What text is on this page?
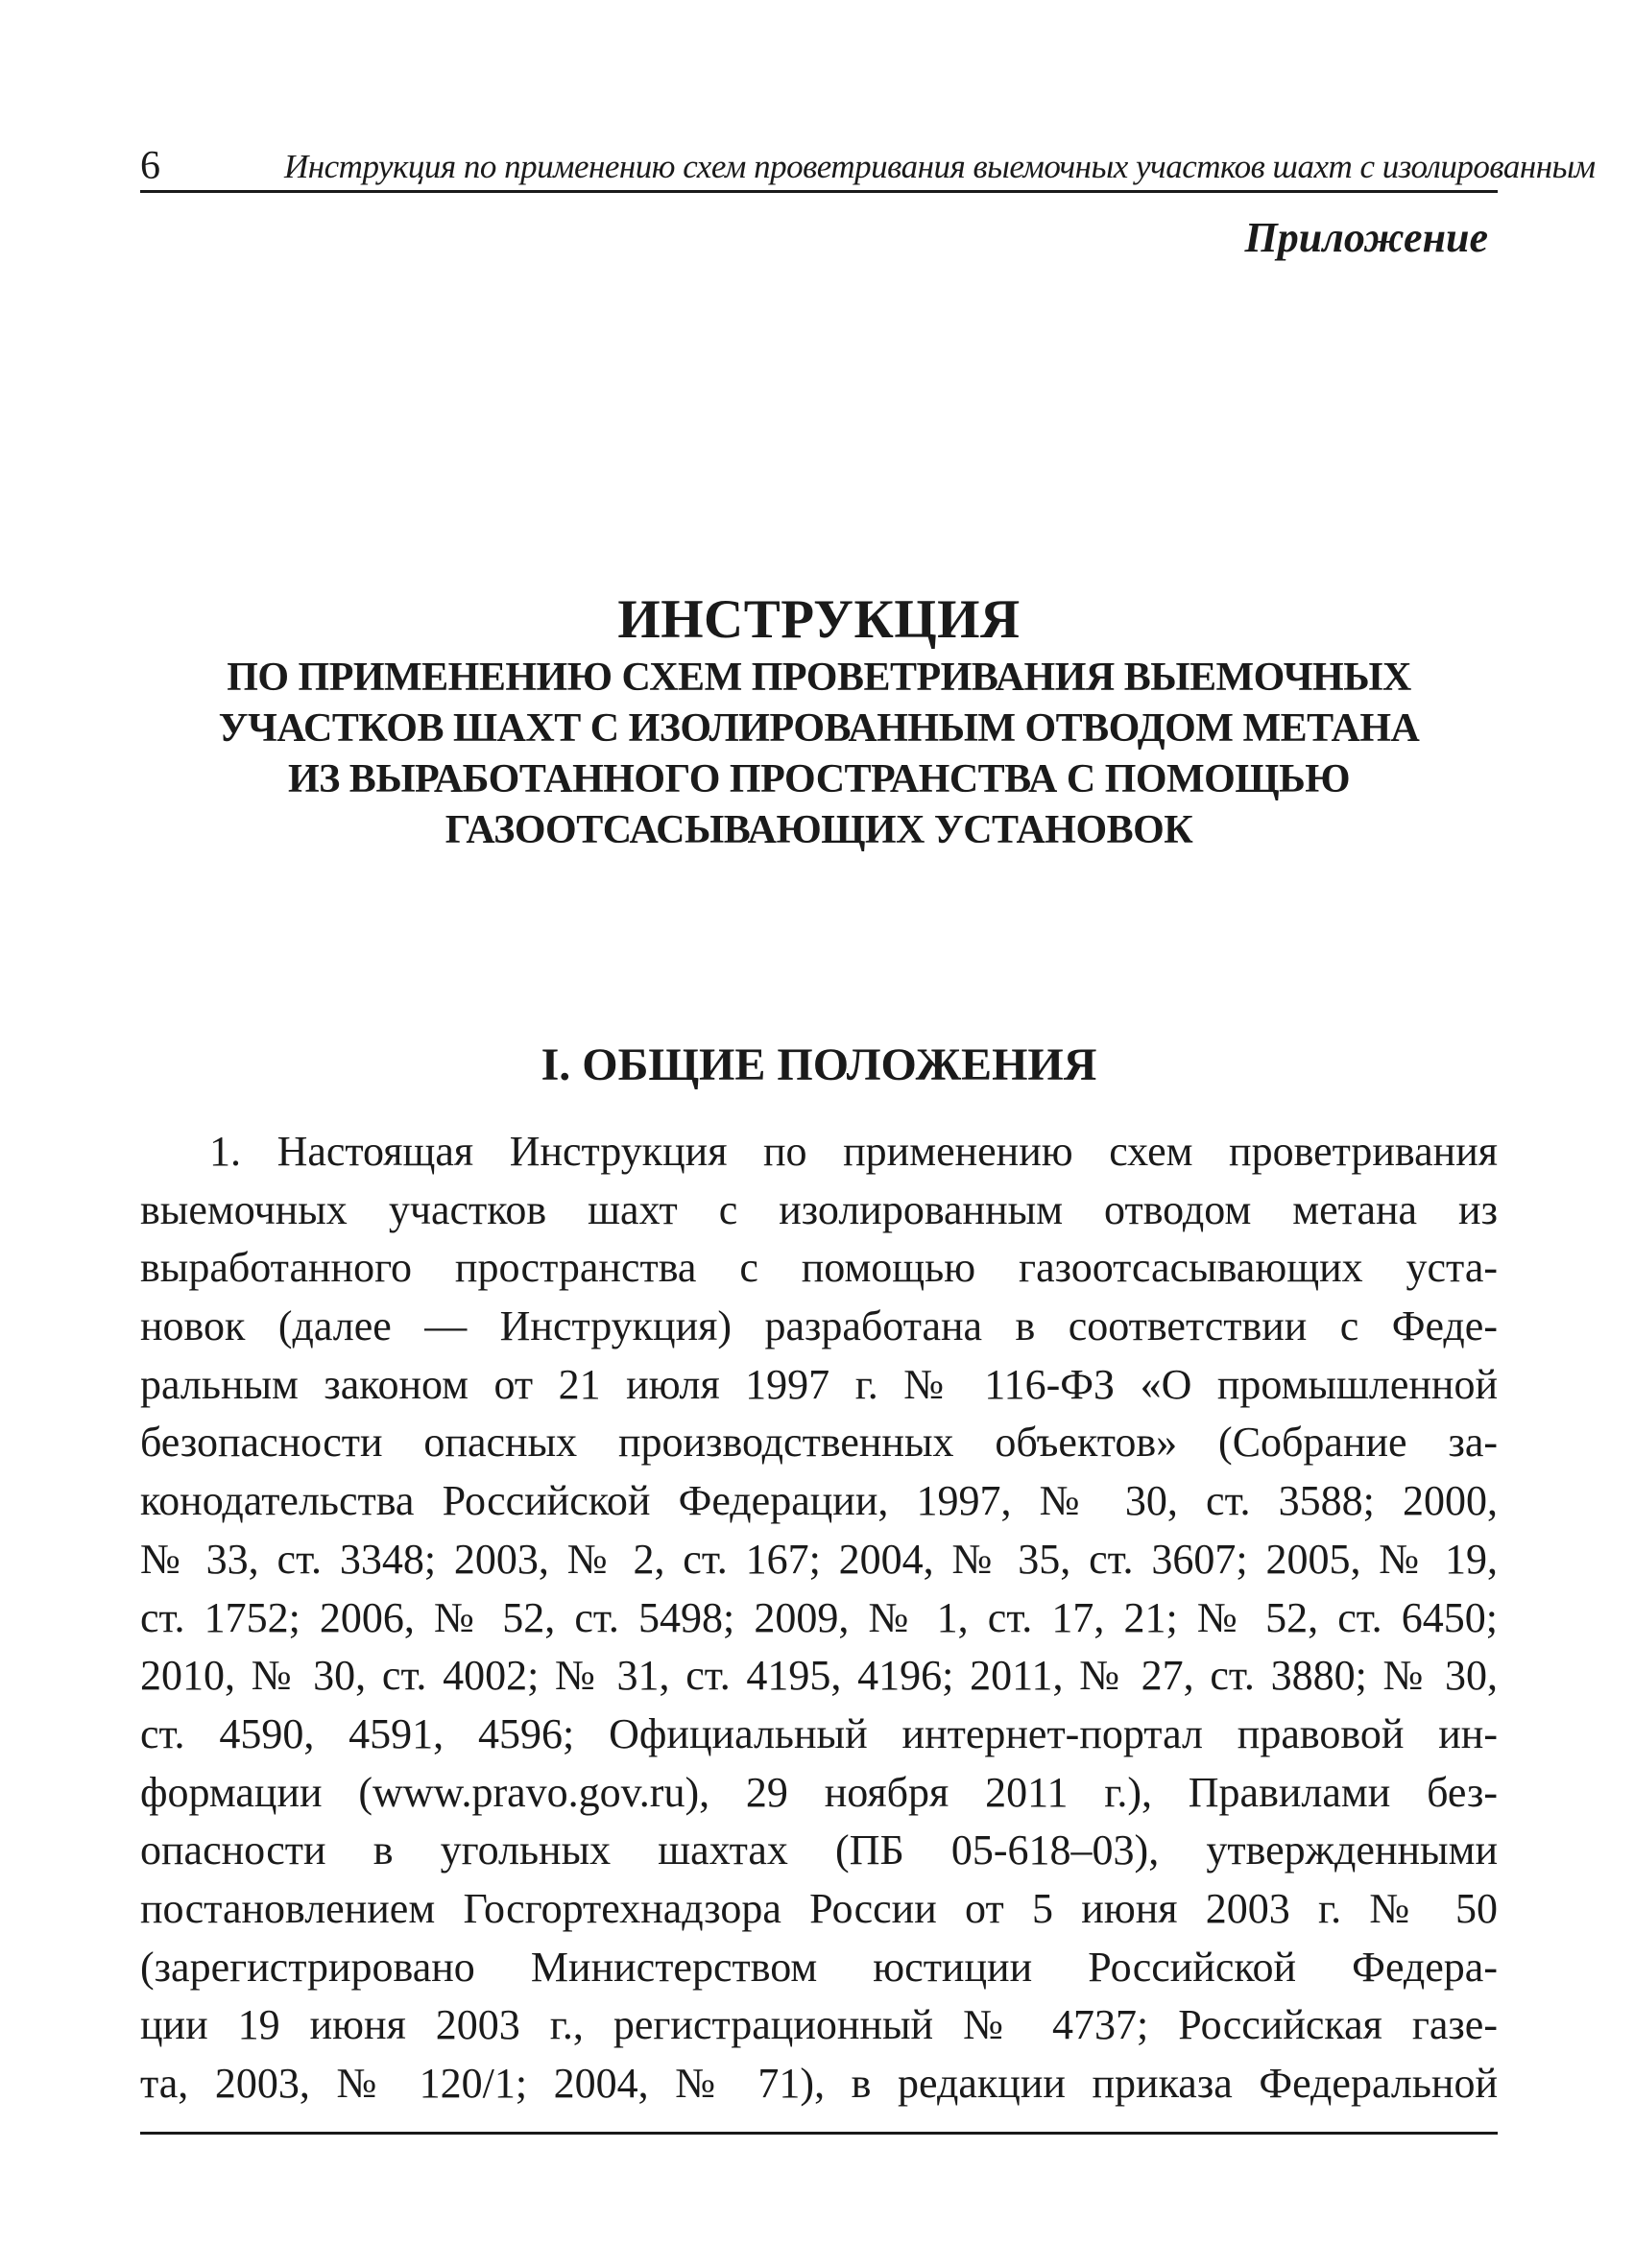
6	Инструкция по применению схем проветривания выемочных участков шахт с изолированным
Приложение
ИНСТРУКЦИЯ
ПО ПРИМЕНЕНИЮ СХЕМ ПРОВЕТРИВАНИЯ ВЫЕМОЧНЫХ
УЧАСТКОВ ШАХТ С ИЗОЛИРОВАННЫМ ОТВОДОМ МЕТАНА
ИЗ ВЫРАБОТАННОГО ПРОСТРАНСТВА С ПОМОЩЬЮ
ГАЗООТСАСЫВАЮЩИХ УСТАНОВОК
I. ОБЩИЕ ПОЛОЖЕНИЯ
1. Настоящая Инструкция по применению схем проветривания
выемочных участков шахт с изолированным отводом метана из
выработанного пространства с помощью газоотсасывающих уста-
новок (далее — Инструкция) разработана в соответствии с Феде-
ральным законом от 21 июля 1997 г. № 116-ФЗ «О промышленной
безопасности опасных производственных объектов» (Собрание за-
конодательства Российской Федерации, 1997, № 30, ст. 3588; 2000,
№ 33, ст. 3348; 2003, № 2, ст. 167; 2004, № 35, ст. 3607; 2005, № 19,
ст. 1752; 2006, № 52, ст. 5498; 2009, № 1, ст. 17, 21; № 52, ст. 6450;
2010, № 30, ст. 4002; № 31, ст. 4195, 4196; 2011, № 27, ст. 3880; № 30,
ст. 4590, 4591, 4596; Официальный интернет-портал правовой ин-
формации (www.pravo.gov.ru), 29 ноября 2011 г.), Правилами без-
опасности в угольных шахтах (ПБ 05-618–03), утвержденными
постановлением Госгортехнадзора России от 5 июня 2003 г. № 50
(зарегистрировано Министерством юстиции Российской Федера-
ции 19 июня 2003 г., регистрационный № 4737; Российская газе-
та, 2003, № 120/1; 2004, № 71), в редакции приказа Федеральной
